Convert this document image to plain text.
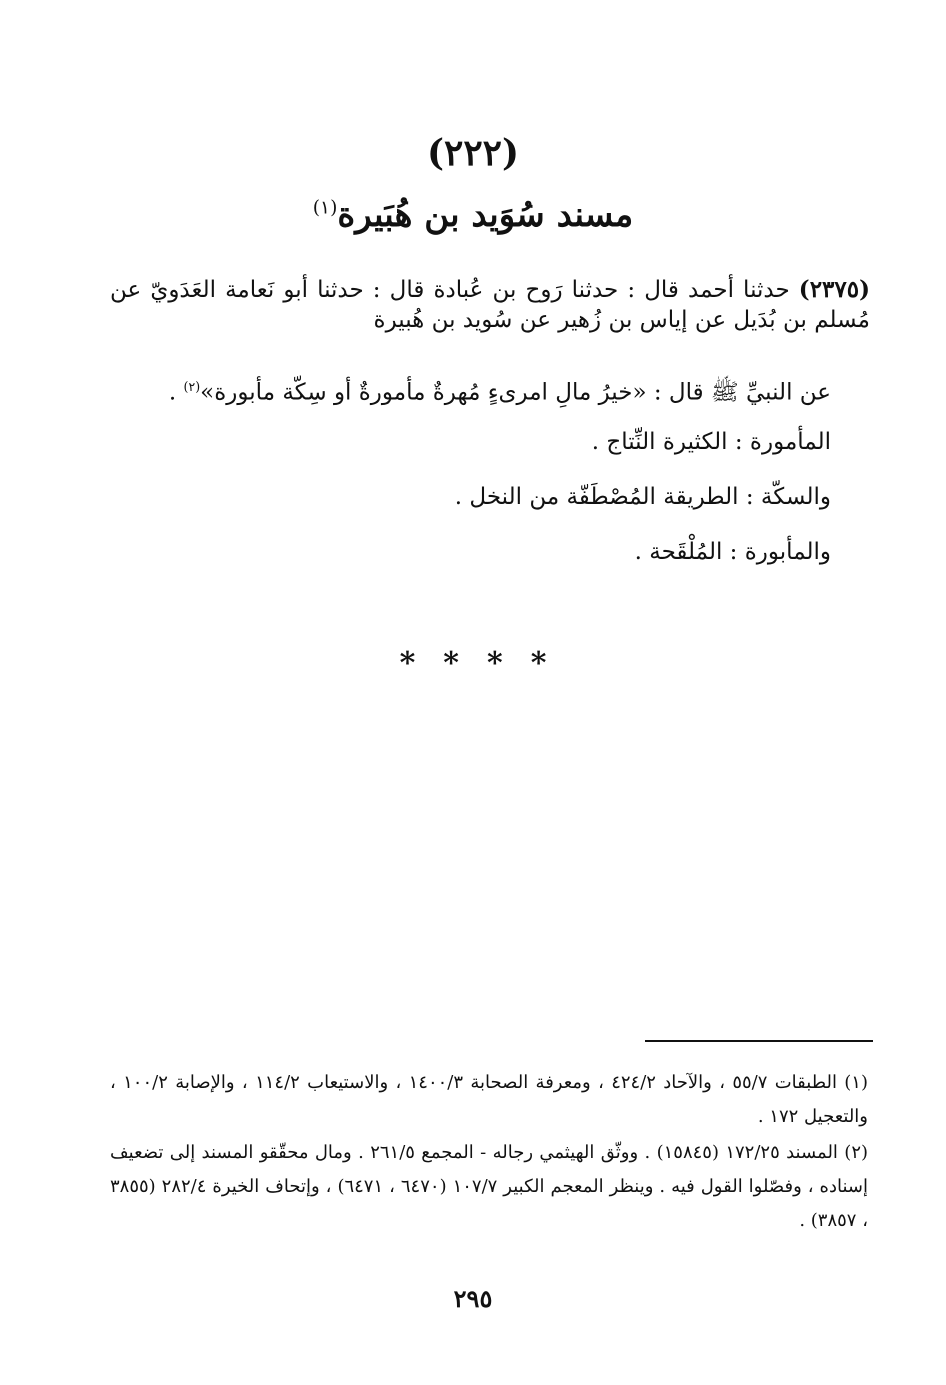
(٢٢٢)
مسند سُوَيد بن هُبَيرة$^{(١)}$
(٢٣٧٥) حدثنا أحمد قال : حدثنا رَوح بن عُبادة قال : حدثنا أبو نَعامة العَدَويّ عن مُسلم بن بُدَيل عن إياس بن زُهير عن سُويد بن هُبيرة
عن النبيِّ ﷺ قال : «خيرُ مالِ امرىءٍ مُهرةٌ مأمورةٌ أو سِكّة مأبورة»$^{(٢)}$ .
المأمورة : الكثيرة النِّتاج .
والسكّة : الطريقة المُصْطَفّة من النخل .
والمأبورة : المُلْقَحة .
* * * *
(١) الطبقات ٥٥/٧ ، والآحاد ٤٢٤/٢ ، ومعرفة الصحابة ١٤٠٠/٣ ، والاستيعاب ١١٤/٢ ، والإصابة ١٠٠/٢ ، والتعجيل ١٧٢ .
(٢) المسند ١٧٢/٢٥ (١٥٨٤٥) . ووثّق الهيثمي رجاله - المجمع ٢٦١/٥ . ومال محقّقو المسند إلى تضعيف إسناده ، وفصّلوا القول فيه . وينظر المعجم الكبير ١٠٧/٧ (٦٤٧٠ ، ٦٤٧١) ، وإتحاف الخيرة ٢٨٢/٤ (٣٨٥٥ ، ٣٨٥٧) .
٢٩٥
